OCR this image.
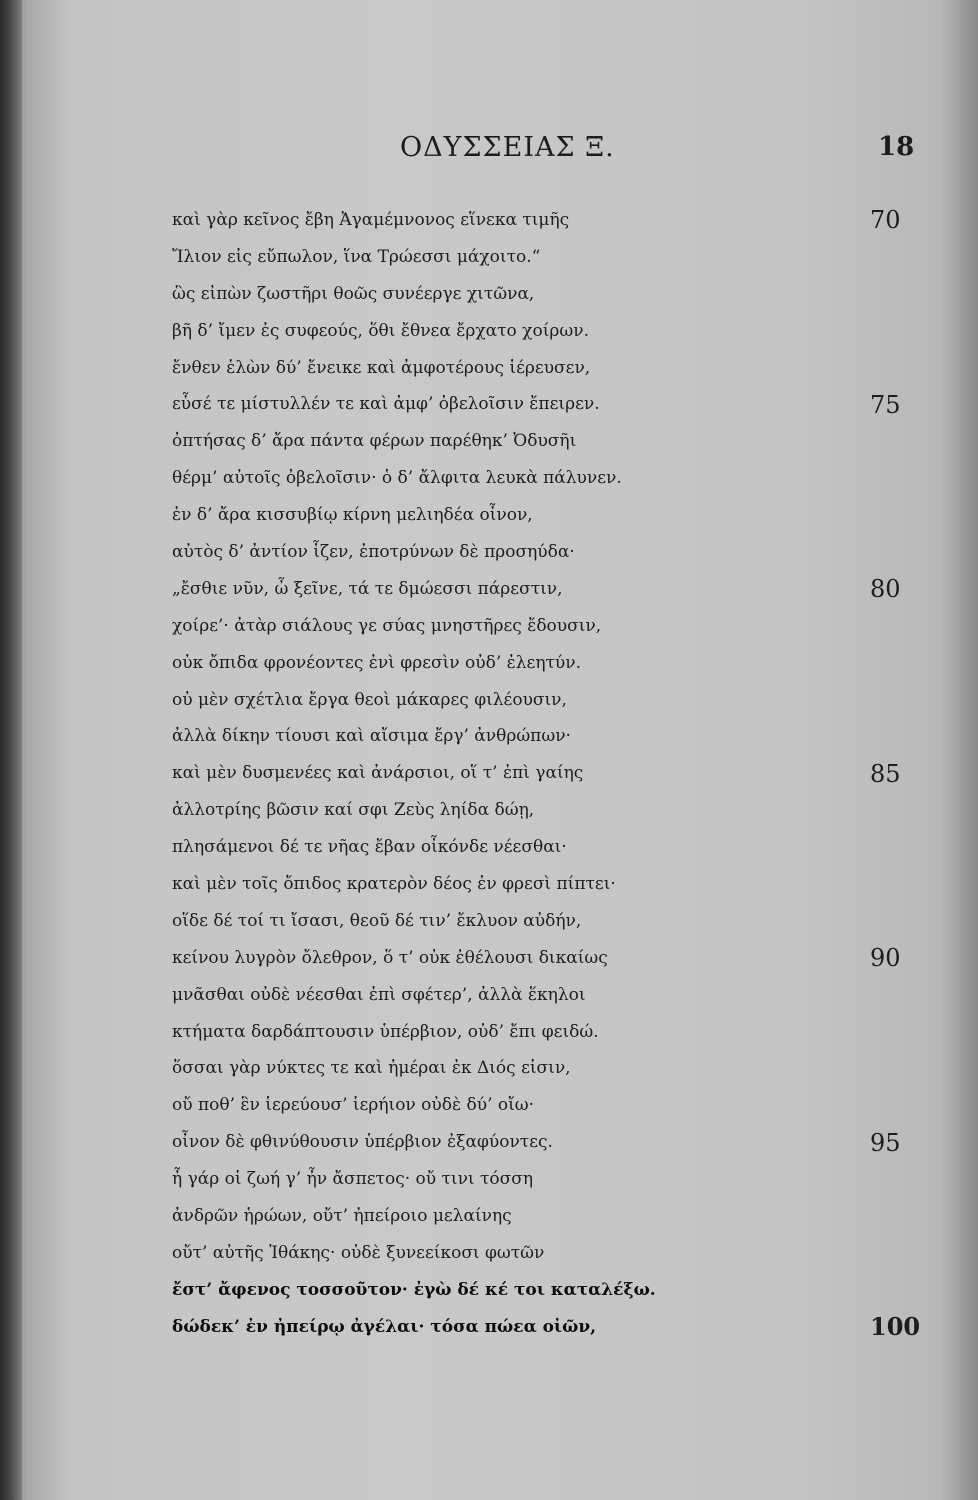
ΟΔΥΣΣΕΙΑΣ Ξ.	18
καὶ γὰρ κεῖνος ἔβη Ἀγαμέμνονος εἵνεκα τιμῆς
Ἴλιον εἰς εὔπωλον, ἵνα Τρώεσσι μάχοιτο.“
ὣς εἰπὼν ζωστῆρι θοῶς συνέεργε χιτῶνα,
βῆ δ’ ἴμεν ἐς συφεούς, ὅθι ἔθνεα ἔρχατο χοίρων.
ἔνθεν ἑλὼν δύ’ ἔνεικε καὶ ἀμφοτέρους ἱέρευσεν,
εὗσέ τε μίστυλλέν τε καὶ ἀμφ’ ὀβελοῖσιν ἔπειρεν.
ὀπτήσας δ’ ἄρα πάντα φέρων παρέθηκ’ Ὀδυσῆι
θέρμ’ αὐτοῖς ὀβελοῖσιν· ὁ δ’ ἄλφιτα λευκὰ πάλυνεν.
ἐν δ’ ἄρα κισσυβίῳ κίρνη μελιηδέα οἶνον,
αὐτὸς δ’ ἀντίον ἷζεν, ἐποτρύνων δὲ προσηύδα·
„ἔσθιε νῦν, ὦ ξεῖνε, τά τε δμώεσσι πάρεστιν,
χοίρε’· ἀτὰρ σιάλους γε σύας μνηστῆρες ἔδουσιν,
οὐκ ὄπιδα φρονέοντες ἐνὶ φρεσὶν οὐδ’ ἐλεητύν.
οὐ μὲν σχέτλια ἔργα θεοὶ μάκαρες φιλέουσιν,
ἀλλὰ δίκην τίουσι καὶ αἴσιμα ἔργ’ ἀνθρώπων·
καὶ μὲν δυσμενέες καὶ ἀνάρσιοι, οἵ τ’ ἐπὶ γαίης
ἀλλοτρίης βῶσιν καί σφι Ζεὺς ληίδα δώῃ,
πλησάμενοι δέ τε νῆας ἔβαν οἶκόνδε νέεσθαι·
καὶ μὲν τοῖς ὄπιδος κρατερὸν δέος ἐν φρεσὶ πίπτει·
οἵδε δέ τοί τι ἴσασι, θεοῦ δέ τιν’ ἔκλυον αὐδήν,
κείνου λυγρὸν ὄλεθρον, ὅ τ’ οὐκ ἐθέλουσι δικαίως
μνᾶσθαι οὐδὲ νέεσθαι ἐπὶ σφέτερ’, ἀλλὰ ἕκηλοι
κτήματα δαρδάπτουσιν ὑπέρβιον, οὐδ’ ἔπι φειδώ.
ὅσσαι γὰρ νύκτες τε καὶ ἡμέραι ἐκ Διός εἰσιν,
οὔ ποθ’ ἓν ἱερεύουσ’ ἱερήιον οὐδὲ δύ’ οἴω·
οἶνον δὲ φθινύθουσιν ὑπέρβιον ἐξαφύοντες.
ἦ γάρ οἱ ζωή γ’ ἦν ἄσπετος· οὔ τινι τόσση
ἀνδρῶν ἡρώων, οὔτ’ ἠπείροιο μελαίνης
οὔτ’ αὐτῆς Ἰθάκης· οὐδὲ ξυνεείκοσι φωτῶν
ἔστ’ ἄφενος τοσσοῦτον· ἐγὼ δέ κέ τοι καταλέξω.
δώδεκ’ ἐν ἠπείρῳ ἀγέλαι· τόσα πώεα οἰῶν,
70
75
80
85
90
95
100
